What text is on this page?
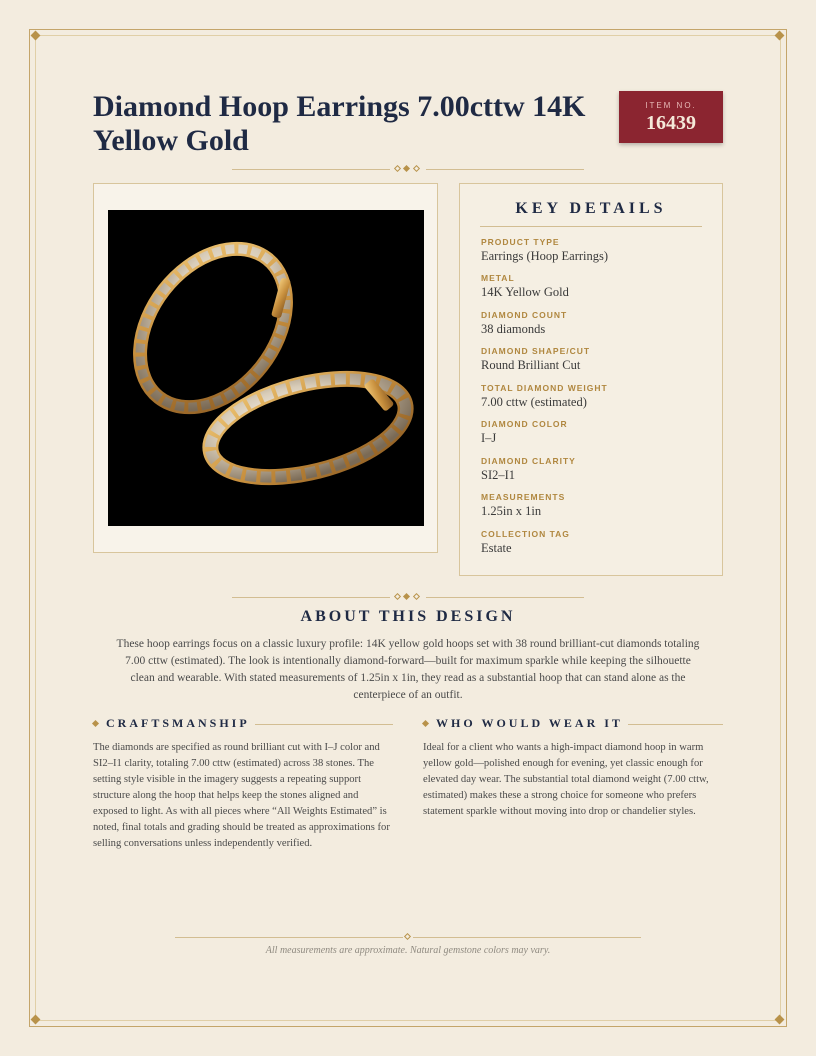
Diamond Hoop Earrings 7.00cttw 14K Yellow Gold
ITEM NO.
16439
KEY DETAILS
PRODUCT TYPE
Earrings (Hoop Earrings)
METAL
14K Yellow Gold
DIAMOND COUNT
38 diamonds
DIAMOND SHAPE/CUT
Round Brilliant Cut
TOTAL DIAMOND WEIGHT
7.00 cttw (estimated)
DIAMOND COLOR
I–J
DIAMOND CLARITY
SI2–I1
MEASUREMENTS
1.25in x 1in
COLLECTION TAG
Estate
ABOUT THIS DESIGN

These hoop earrings focus on a classic luxury profile: 14K yellow gold hoops set with 38 round brilliant-cut diamonds totaling 7.00 cttw (estimated). The look is intentionally diamond-forward—built for maximum sparkle while keeping the silhouette clean and wearable. With stated measurements of 1.25in x 1in, they read as a substantial hoop that can stand alone as the centerpiece of an outfit.

CRAFTSMANSHIP

The diamonds are specified as round brilliant cut with I–J color and SI2–I1 clarity, totaling 7.00 cttw (estimated) across 38 stones. The setting style visible in the imagery suggests a repeating support structure along the hoop that helps keep the stones aligned and exposed to light. As with all pieces where “All Weights Estimated” is noted, final totals and grading should be treated as approximations for selling conversations unless independently verified.

WHO WOULD WEAR IT

Ideal for a client who wants a high-impact diamond hoop in warm yellow gold—polished enough for evening, yet classic enough for elevated day wear. The substantial total diamond weight (7.00 cttw, estimated) makes these a strong choice for someone who prefers statement sparkle without moving into drop or chandelier styles.

All measurements are approximate. Natural gemstone colors may vary.
